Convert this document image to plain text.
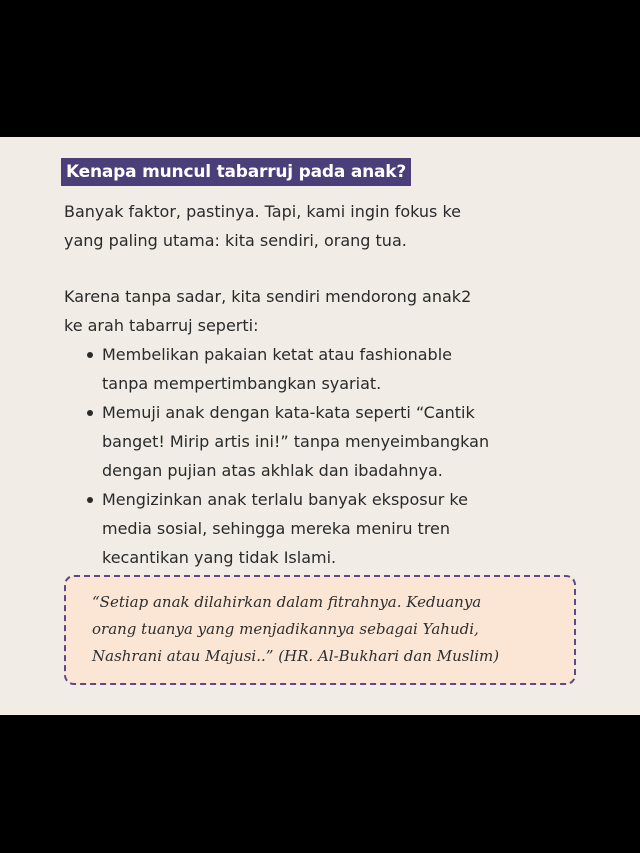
Kenapa muncul tabarruj pada anak?

Banyak faktor, pastinya. Tapi, kami ingin fokus ke

yang paling utama: kita sendiri, orang tua.

Karena tanpa sadar, kita sendiri mendorong anak2

ke arah tabarruj seperti:

Membelikan pakaian ketat atau fashionable
tanpa mempertimbangkan syariat.
Memuji anak dengan kata-kata seperti “Cantik
banget! Mirip artis ini!” tanpa menyeimbangkan
dengan pujian atas akhlak dan ibadahnya.
Mengizinkan anak terlalu banyak eksposur ke
media sosial, sehingga mereka meniru tren
kecantikan yang tidak Islami.
“Setiap anak dilahirkan dalam fitrahnya. Keduanya
orang tuanya yang menjadikannya sebagai Yahudi,
Nashrani atau Majusi..” (HR. Al-Bukhari dan Muslim)
